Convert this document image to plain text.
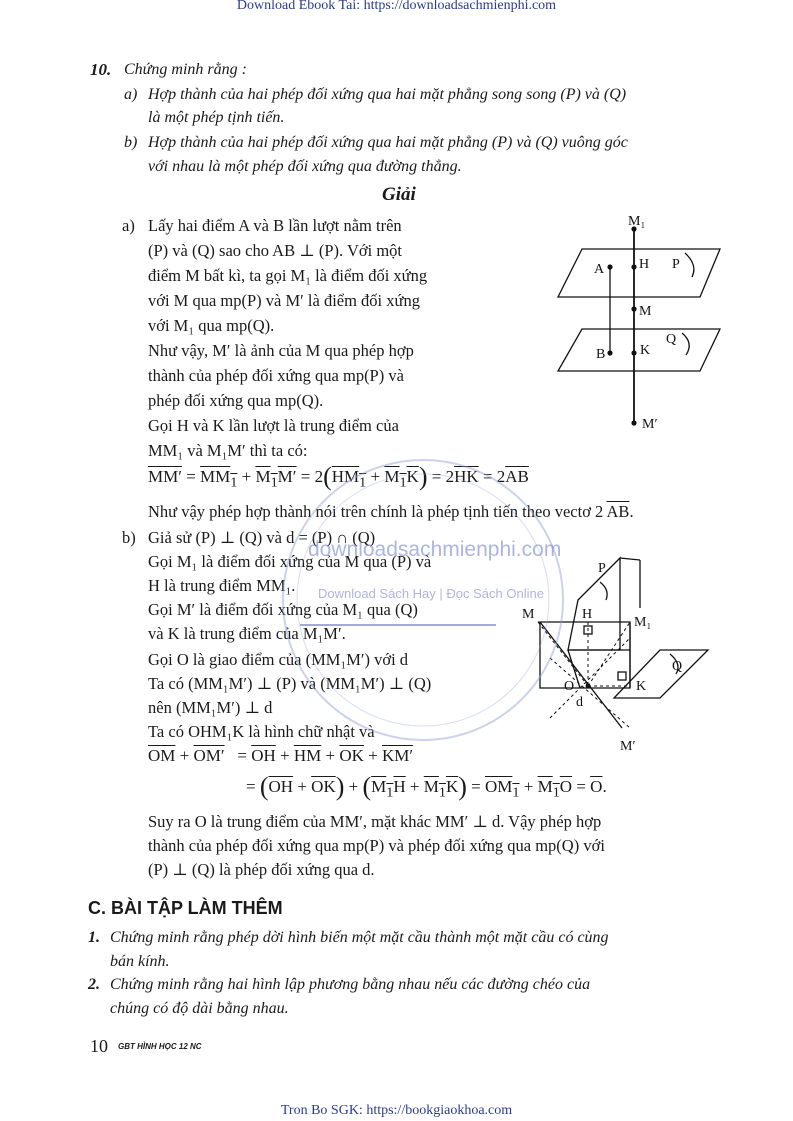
Download Ebook Tai: https://downloadsachmienphi.com
Tron Bo SGK: https://bookgiaokhoa.com
10. Chứng minh rằng :
a) Hợp thành của hai phép đối xứng qua hai mặt phẳng song song (P) và (Q)
là một phép tịnh tiến.
b) Hợp thành của hai phép đối xứng qua hai mặt phẳng (P) và (Q) vuông góc
với nhau là một phép đối xứng qua đường thẳng.
Giải
a) Lấy hai điểm A và B lần lượt nằm trên
(P) và (Q) sao cho AB ⊥ (P). Với một
điểm M bất kì, ta gọi M₁ là điểm đối xứng
với M qua mp(P) và M′ là điểm đối xứng
với M₁ qua mp(Q).
Như vậy, M′ là ảnh của M qua phép hợp
thành của phép đối xứng qua mp(P) và
phép đối xứng qua mp(Q).
Gọi H và K lần lượt là trung điểm của
MM₁ và M₁M′ thì ta có:
$MM' = MM_1 + M_1M' = 2(HM_1 + M_1K) = 2\overline{HK} = 2\overline{AB}$
Như vậy phép hợp thành nói trên chính là phép tịnh tiến theo vectơ 2 $\overline{AB}$.
M₁
A H P
M
B K
Q
M′
b) Giả sử (P) ⊥ (Q) và d = (P) ∩ (Q)
Gọi M₁ là điểm đối xứng của M qua (P) và
H là trung điểm MM₁.
Gọi M′ là điểm đối xứng của M₁ qua (Q)
và K là trung điểm của M₁M′.
Gọi O là giao điểm của (MM₁M′) với d
Ta có (MM₁M′) ⊥ (P) và (MM₁M′) ⊥ (Q)
nên (MM₁M′) ⊥ d
Ta có OHM₁K là hình chữ nhật và
$\overline{OM} + OM' = \overline{OH} + \overline{HM} + \overline{OK} + KM'$
= $(\overline{OH} + \overline{OK}) + (M_1H + M_1K) = OM_1 + M_1O = \overline{O}$.
Suy ra O là trung điểm của MM′, mặt khác MM′ ⊥ d. Vậy phép hợp
thành của phép đối xứng qua mp(P) và phép đối xứng qua mp(Q) với
(P) ⊥ (Q) là phép đối xứng qua d.
P
M	H
M₁
O	K
Q
d
M′
downloadsachmienphi.com
Download Sách Hay | Đọc Sách Online
C. BÀI TẬP LÀM THÊM
1. Chứng minh rằng phép dời hình biến một mặt cầu thành một mặt cầu có cùng
bán kính.
2. Chứng minh rằng hai hình lập phương bằng nhau nếu các đường chéo của
chúng có độ dài bằng nhau.
10 GBT HÌNH HỌC 12 NC
